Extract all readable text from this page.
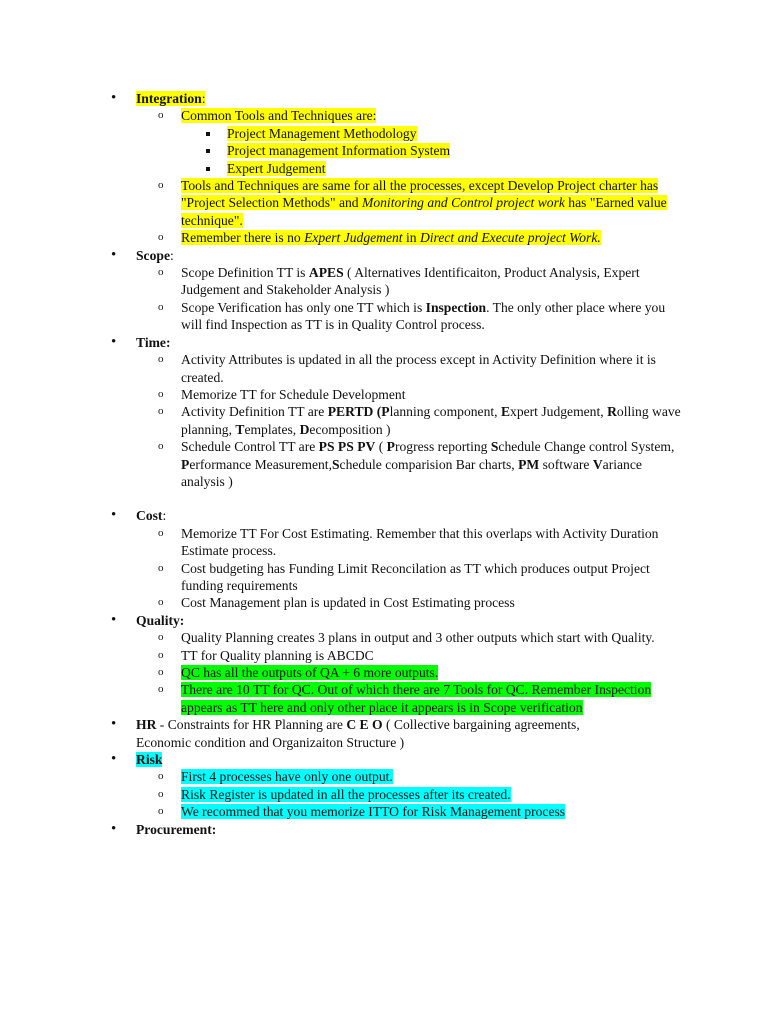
• Integration:
o Common Tools and Techniques are:
Project Management Methodology
Project management Information System
Expert Judgement
o Tools and Techniques are same for all the processes, except Develop Project charter has "Project Selection Methods" and Monitoring and Control project work has "Earned value technique".
o Remember there is no Expert Judgement in Direct and Execute project Work.
• Scope:
o Scope Definition TT is APES ( Alternatives Identificaiton, Product Analysis, Expert Judgement and Stakeholder Analysis )
o Scope Verification has only one TT which is Inspection. The only other place where you will find Inspection as TT is in Quality Control process.
• Time:
o Activity Attributes is updated in all the process except in Activity Definition where it is created.
o Memorize TT for Schedule Development
o Activity Definition TT are PERTD (Planning component, Expert Judgement, Rolling wave planning, Templates, Decomposition )
o Schedule Control TT are PS PS PV ( Progress reporting Schedule Change control System, Performance Measurement,Schedule comparision Bar charts, PM software Variance analysis )
• Cost:
o Memorize TT For Cost Estimating. Remember that this overlaps with Activity Duration Estimate process.
o Cost budgeting has Funding Limit Reconcilation as TT which produces output Project funding requirements
o Cost Management plan is updated in Cost Estimating process
• Quality:
o Quality Planning creates 3 plans in output and 3 other outputs which start with Quality.
o TT for Quality planning is ABCDC
o QC has all the outputs of QA + 6 more outputs.
o There are 10 TT for QC. Out of which there are 7 Tools for QC. Remember Inspection appears as TT here and only other place it appears is in Scope verification
• HR - Constraints for HR Planning are C E O ( Collective bargaining agreements, Economic condition and Organizaiton Structure )
• Risk
o First 4 processes have only one output.
o Risk Register is updated in all the processes after its created.
o We recommed that you memorize ITTO for Risk Management process
• Procurement:
